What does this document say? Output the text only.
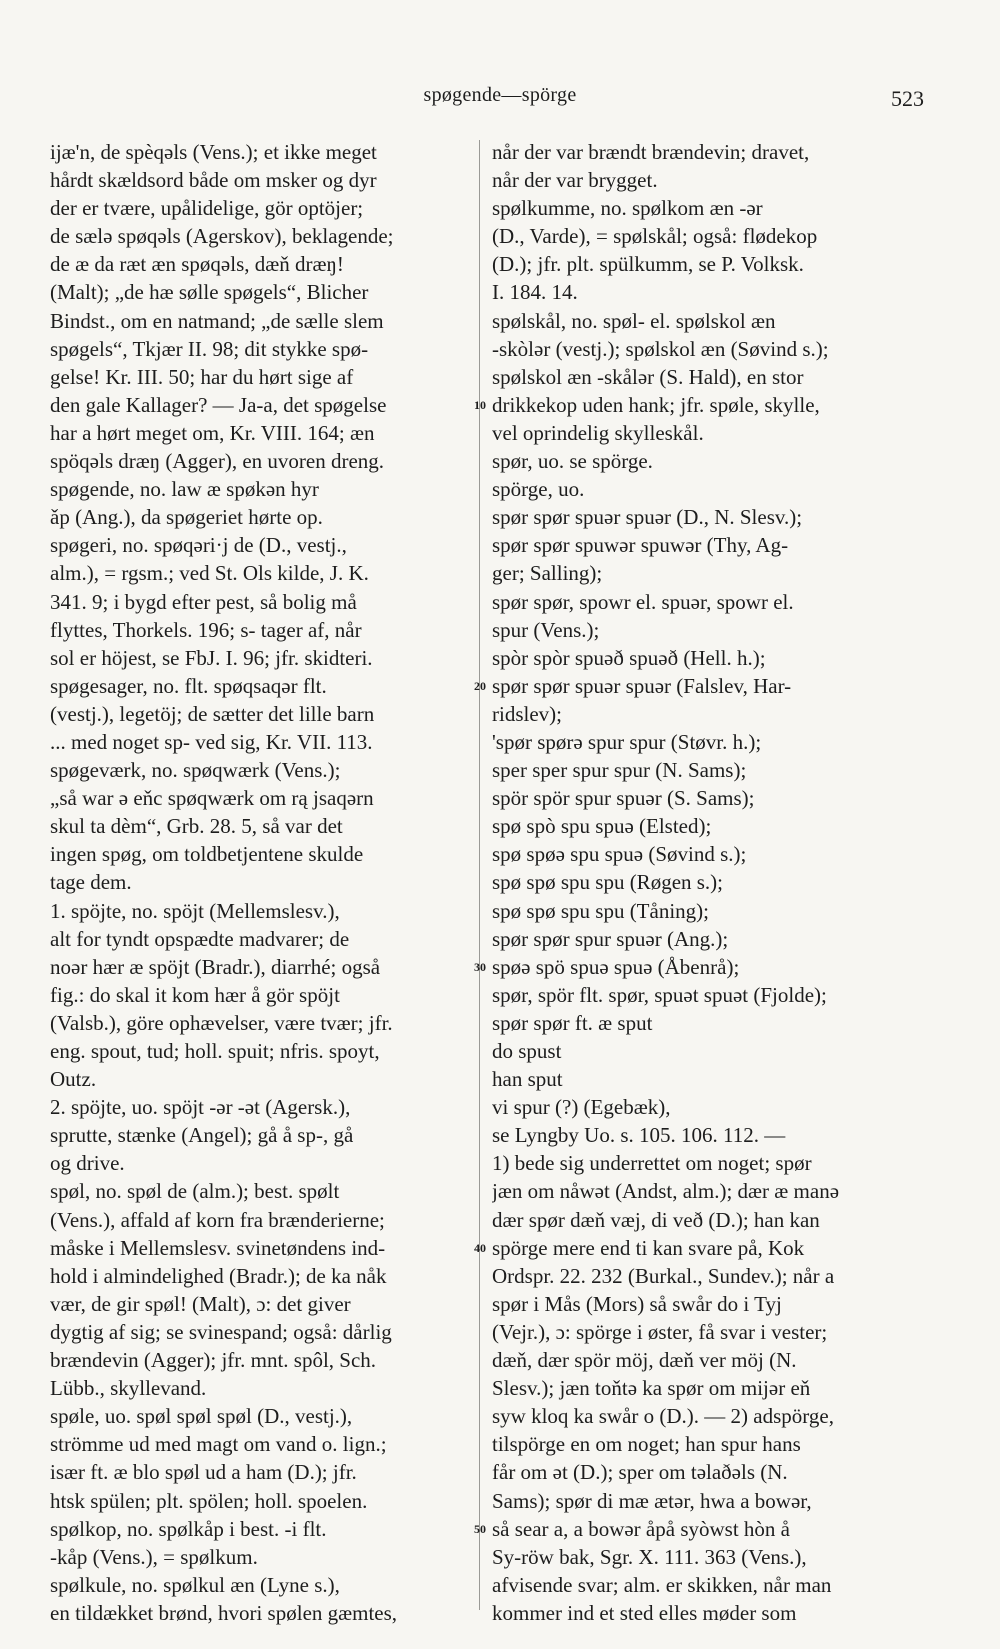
spøgende—spörge	523
ijæ'n, de spèqəls (Vens.); et ikke meget
hårdt skældsord både om msker og dyr
der er tvære, upålidelige, gör optöjer;
de sælə spøqəls (Agerskov), beklagende;
de æ da ræt æn spøqəls, dæň dræŋ!
(Malt); „de hæ sølle spøgels“, Blicher
Bindst., om en natmand; „de sælle slem
spøgels“, Tkjær II. 98; dit stykke spø-
gelse! Kr. III. 50; har du hørt sige af
den gale Kallager? — Ja-a, det spøgelse
har a hørt meget om, Kr. VIII. 164; æn
spöqəls dræŋ (Agger), en uvoren dreng.
spøgende, no. law æ spøkən hyr
ǎp (Ang.), da spøgeriet hørte op.
spøgeri, no. spøqəri·j de (D., vestj.,
alm.), = rgsm.; ved St. Ols kilde, J. K.
341. 9; i bygd efter pest, så bolig må
flyttes, Thorkels. 196; s- tager af, når
sol er höjest, se FbJ. I. 96; jfr. skidteri.
spøgesager, no. flt. spøqsaqər flt.
(vestj.), legetöj; de sætter det lille barn
... med noget sp- ved sig, Kr. VII. 113.
spøgeværk, no. spøqwærk (Vens.);
„så war ə eňc spøqwærk om rą jsaqərn
skul ta dèm“, Grb. 28. 5, så var det
ingen spøg, om toldbetjentene skulde
tage dem.
1. spöjte, no. spöjt (Mellemslesv.),
alt for tyndt opspædte madvarer; de
noər hær æ spöjt (Bradr.), diarrhé; også
fig.: do skal it kom hær å gör spöjt
(Valsb.), göre ophævelser, være tvær; jfr.
eng. spout, tud; holl. spuit; nfris. spoyt,
Outz.
2. spöjte, uo. spöjt -ər -ət (Agersk.),
sprutte, stænke (Angel); gå å sp-, gå
og drive.
spøl, no. spøl de (alm.); best. spølt
(Vens.), affald af korn fra brænderierne;
måske i Mellemslesv. svinetøndens ind-
hold i almindelighed (Bradr.); de ka nåk
vær, de gir spøl! (Malt), ɔ: det giver
dygtig af sig; se svinespand; også: dårlig
brændevin (Agger); jfr. mnt. spôl, Sch.
Lübb., skyllevand.
spøle, uo. spøl spøl spøl (D., vestj.),
strömme ud med magt om vand o. lign.;
især ft. æ blo spøl ud a ham (D.); jfr.
htsk spülen; plt. spölen; holl. spoelen.
spølkop, no. spølkåp i best. -i flt.
-kåp (Vens.), = spølkum.
spølkule, no. spølkul æn (Lyne s.),
en tildækket brønd, hvori spølen gæmtes,
10
20
30
40
50
når der var brændt brændevin; dravet,
når der var brygget.
spølkumme, no. spølkom æn -ər
(D., Varde), = spølskål; også: flødekop
(D.); jfr. plt. spülkumm, se P. Volksk.
I. 184. 14.
spølskål, no. spøl- el. spølskol æn
-skòlər (vestj.); spølskol æn (Søvind s.);
spølskol æn -skålər (S. Hald), en stor
drikkekop uden hank; jfr. spøle, skylle,
vel oprindelig skylleskål.
spør, uo. se spörge.
spörge, uo.
spør spør spuər spuər (D., N. Slesv.);
spør spør spuwər spuwər (Thy, Ag-
ger; Salling);
spør spør, spowr el. spuər, spowr el.
spur (Vens.);
spòr spòr spuəð spuəð (Hell. h.);
spør spør spuər spuər (Falslev, Har-
ridslev);
'spør spørə spur spur (Støvr. h.);
sper sper spur spur (N. Sams);
spör spör spur spuər (S. Sams);
spø spò spu spuə (Elsted);
spø spøə spu spuə (Søvind s.);
spø spø spu spu (Røgen s.);
spø spø spu spu (Tåning);
spør spør spur spuər (Ang.);
spøə spö spuə spuə (Åbenrå);
spør, spör flt. spør, spuət spuət (Fjolde);
spør spør ft. æ sput
do spust
han sput
vi spur (?) (Egebæk),
se Lyngby Uo. s. 105. 106. 112. —
1) bede sig underrettet om noget; spør
jæn om nåwət (Andst, alm.); dær æ manə
dær spør dæň væj, di veð (D.); han kan
spörge mere end ti kan svare på, Kok
Ordspr. 22. 232 (Burkal., Sundev.); når a
spør i Mås (Mors) så swår do i Tyj
(Vejr.), ɔ: spörge i øster, få svar i vester;
dæň, dær spör möj, dæň ver möj (N.
Slesv.); jæn toňtə ka spør om mijər eň
syw kloq ka swår o (D.). — 2) adspörge,
tilspörge en om noget; han spur hans
får om ət (D.); sper om təlaðəls (N.
Sams); spør di mæ ætər, hwa a bowər,
så sear a, a bowər åpå syòwst hòn å
Sy-röw bak, Sgr. X. 111. 363 (Vens.),
afvisende svar; alm. er skikken, når man
kommer ind et sted elles møder som
